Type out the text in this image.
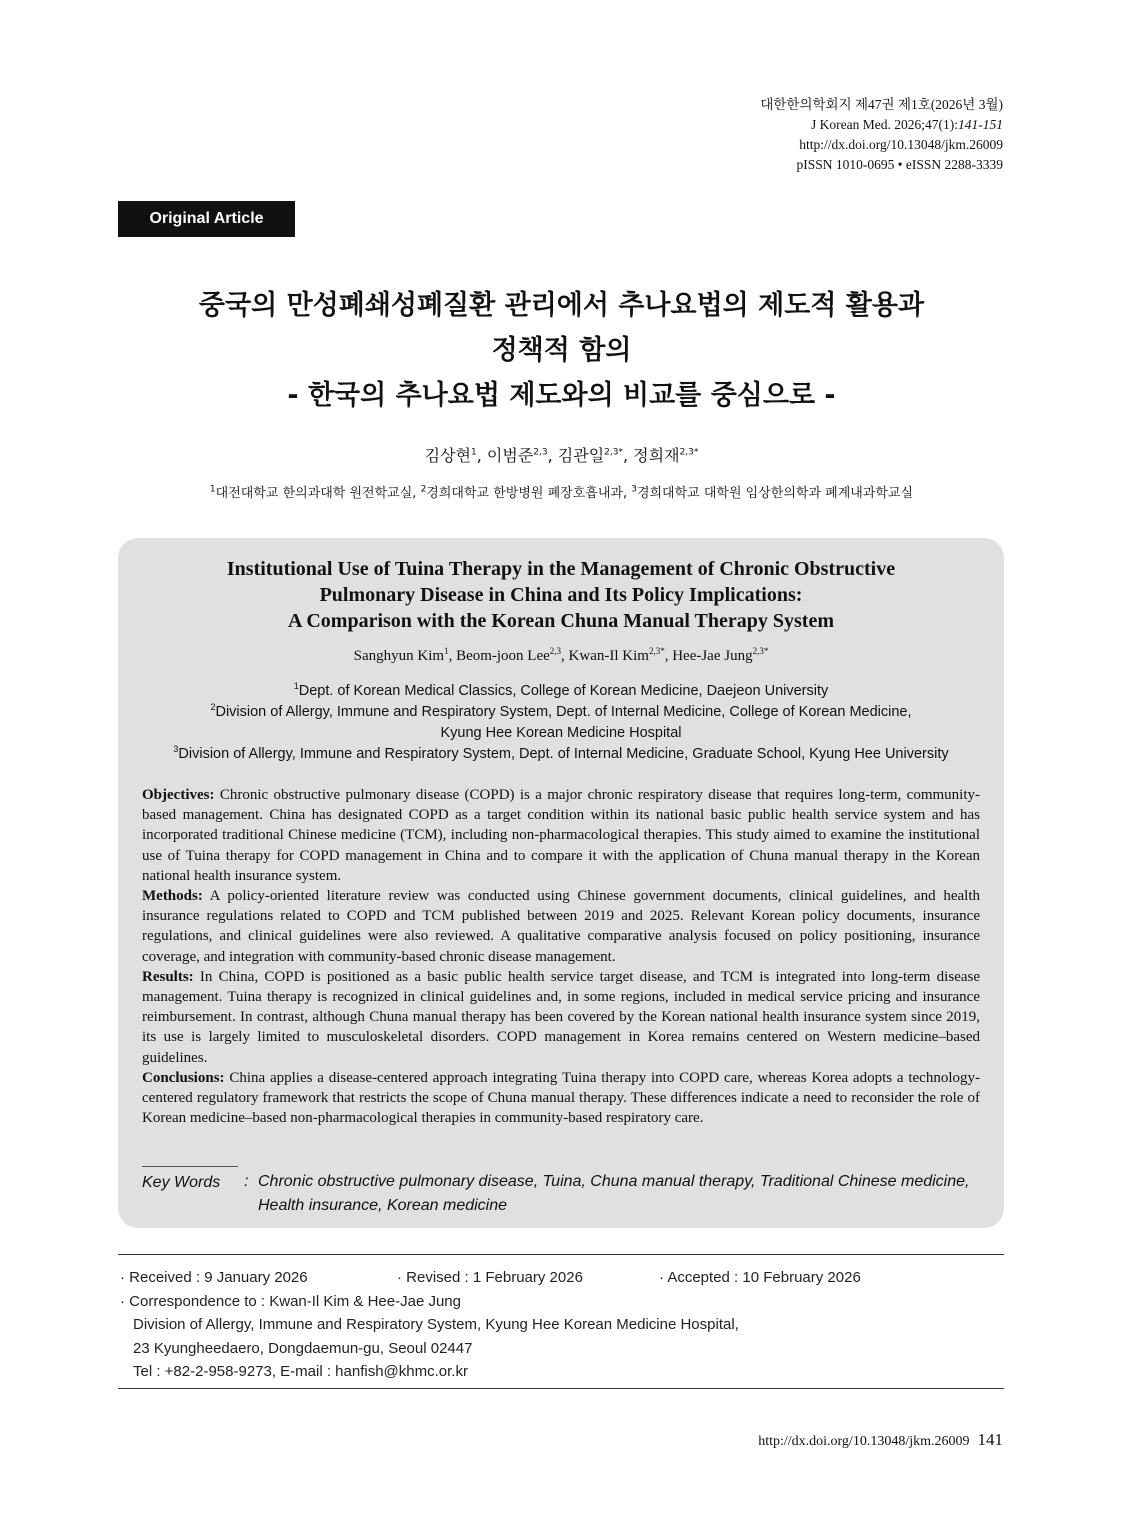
대한한의학회지 제47권 제1호(2026년 3월)
J Korean Med. 2026;47(1):141-151
http://dx.doi.org/10.13048/jkm.26009
pISSN 1010-0695 • eISSN 2288-3339
Original Article
중국의 만성폐쇄성폐질환 관리에서 추나요법의 제도적 활용과
정책적 함의
- 한국의 추나요법 제도와의 비교를 중심으로 -
김상현$^1$, 이범준$^{2,3}$, 김관일$^{2,3*}$, 정희재$^{2,3*}$
$^1$대전대학교 한의과대학 원전학교실, $^2$경희대학교 한방병원 폐장호흡내과, $^3$경희대학교 대학원 임상한의학과 폐계내과학교실
Institutional Use of Tuina Therapy in the Management of Chronic Obstructive
Pulmonary Disease in China and Its Policy Implications:
A Comparison with the Korean Chuna Manual Therapy System
Sanghyun Kim$^1$, Beom-joon Lee$^{2,3}$, Kwan-Il Kim$^{2,3*}$, Hee-Jae Jung$^{2,3*}$
$^1$Dept. of Korean Medical Classics, College of Korean Medicine, Daejeon University
$^2$Division of Allergy, Immune and Respiratory System, Dept. of Internal Medicine, College of Korean Medicine,
Kyung Hee Korean Medicine Hospital
$^3$Division of Allergy, Immune and Respiratory System, Dept. of Internal Medicine, Graduate School, Kyung Hee University

Objectives: Chronic obstructive pulmonary disease (COPD) is a major chronic respiratory disease that requires long-term, community-based management. China has designated COPD as a target condition within its national basic public health service system and has incorporated traditional Chinese medicine (TCM), including non-pharmacological therapies. This study aimed to examine the institutional use of Tuina therapy for COPD management in China and to compare it with the application of Chuna manual therapy in the Korean national health insurance system.

Methods: A policy-oriented literature review was conducted using Chinese government documents, clinical guidelines, and health insurance regulations related to COPD and TCM published between 2019 and 2025. Relevant Korean policy documents, insurance regulations, and clinical guidelines were also reviewed. A qualitative comparative analysis focused on policy positioning, insurance coverage, and integration with community-based chronic disease management.

Results: In China, COPD is positioned as a basic public health service target disease, and TCM is integrated into long-term disease management. Tuina therapy is recognized in clinical guidelines and, in some regions, included in medical service pricing and insurance reimbursement. In contrast, although Chuna manual therapy has been covered by the Korean national health insurance system since 2019, its use is largely limited to musculoskeletal disorders. COPD management in Korea remains centered on Western medicine–based guidelines.

Conclusions: China applies a disease-centered approach integrating Tuina therapy into COPD care, whereas Korea adopts a technology-centered regulatory framework that restricts the scope of Chuna manual therapy. These differences indicate a need to reconsider the role of Korean medicine–based non-pharmacological therapies in community-based respiratory care.

Key Words	: Chronic obstructive pulmonary disease, Tuina, Chuna manual therapy, Traditional Chinese medicine, Health insurance, Korean medicine
· Received : 9 January 2026	· Revised : 1 February 2026	· Accepted : 10 February 2026
· Correspondence to : Kwan-Il Kim & Hee-Jae Jung
Division of Allergy, Immune and Respiratory System, Kyung Hee Korean Medicine Hospital,
23 Kyungheedaero, Dongdaemun-gu, Seoul 02447
Tel : +82-2-958-9273, E-mail : hanfish@khmc.or.kr
http://dx.doi.org/10.13048/jkm.26009 141
